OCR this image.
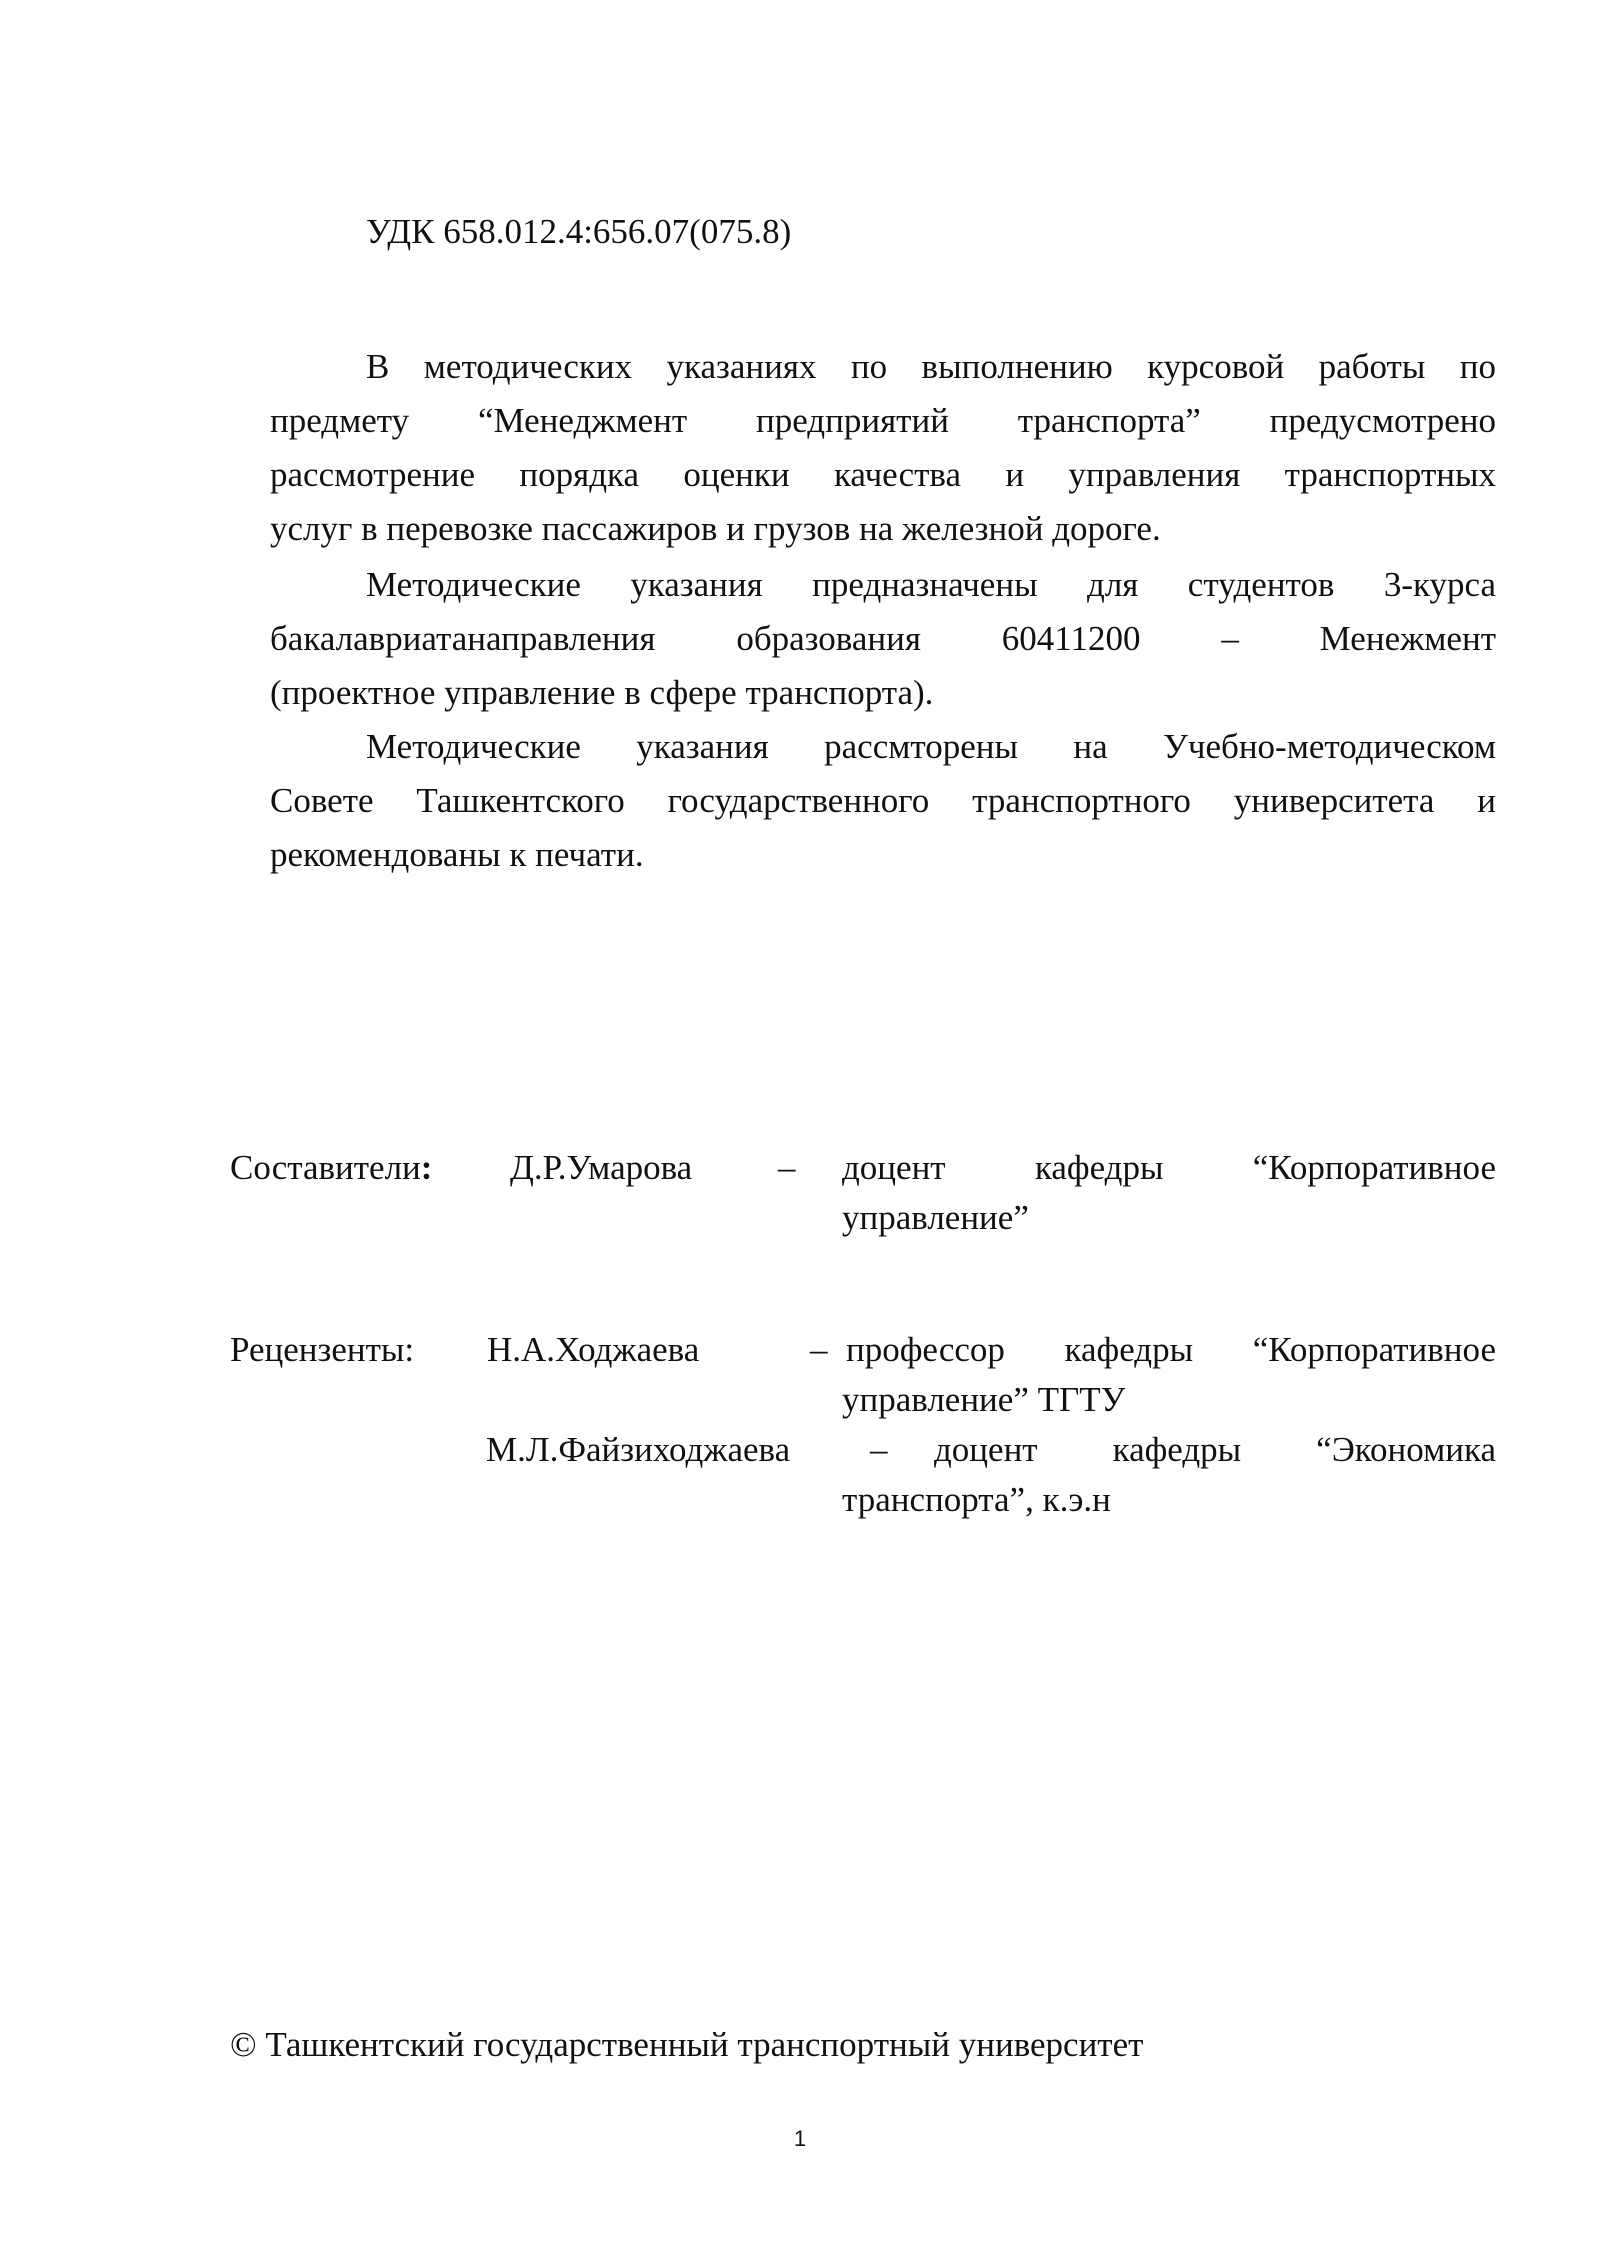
УДК 658.012.4:656.07(075.8)
В методических указаниях по выполнению курсовой работы по
предмету “Менеджмент предприятий транспорта” предусмотрено
рассмотрение порядка оценки качества и управления транспортных
услуг в перевозке пассажиров и грузов на железной дороге.
Методические указания предназначены для студентов 3-курса
бакалавриатанаправления образования 60411200 – Менежмент
(проектное управление в сфере транспорта).
Методические указания рассмторены на Учебно-методическом
Совете Ташкентского государственного транспортного университета и
рекомендованы к печати.
Составители: Д.Р.Умарова – доцент кафедры “Корпоративное
управление”
Рецензенты: Н.А.Ходжаева	– профессор кафедры “Корпоративное
управление” ТГТУ
М.Л.Файзиходжаева – доцент кафедры “Экономика
транспорта”, к.э.н
© Ташкентский государственный транспортный университет
1
